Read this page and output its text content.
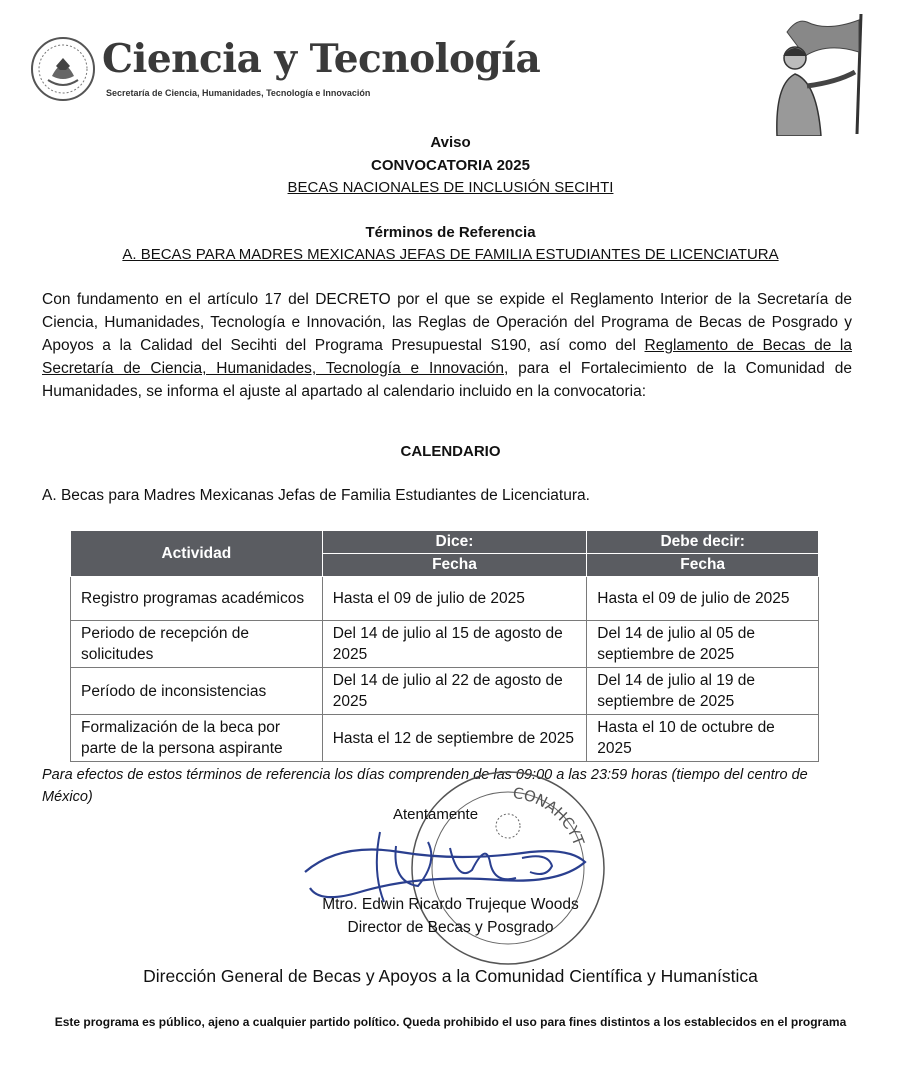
Ciencia y Tecnología
Secretaría de Ciencia, Humanidades, Tecnología e Innovación
Aviso
CONVOCATORIA 2025
BECAS NACIONALES DE INCLUSIÓN SECIHTI
Términos de Referencia
A. BECAS PARA MADRES MEXICANAS JEFAS DE FAMILIA ESTUDIANTES DE LICENCIATURA
Con fundamento en el artículo 17 del DECRETO por el que se expide el Reglamento Interior de la Secretaría de Ciencia, Humanidades, Tecnología e Innovación, las Reglas de Operación del Programa de Becas de Posgrado y Apoyos a la Calidad del Secihti del Programa Presupuestal S190, así como del Reglamento de Becas de la Secretaría de Ciencia, Humanidades, Tecnología e Innovación, para el Fortalecimiento de la Comunidad de Humanidades, se informa el ajuste al apartado al calendario incluido en la convocatoria:
CALENDARIO
A. Becas para Madres Mexicanas Jefas de Familia Estudiantes de Licenciatura.
Actividad	Dice:	Debe decir:
	Fecha	Fecha
Registro programas académicos	Hasta el 09 de julio de 2025	Hasta el 09 de julio de 2025
Periodo de recepción de solicitudes	Del 14 de julio al 15 de agosto de 2025	Del 14 de julio al 05 de septiembre de 2025
Período de inconsistencias	Del 14 de julio al 22 de agosto de 2025	Del 14 de julio al 19 de septiembre de 2025
Formalización de la beca por parte de la persona aspirante	Hasta el 12 de septiembre de 2025	Hasta el 10 de octubre de 2025
Para efectos de estos términos de referencia los días comprenden de las 09:00 a las 23:59 horas (tiempo del centro de México)	CONAHCYT
Atentamente
Mtro. Edwin Ricardo Trujeque Woods
Director de Becas y Posgrado
Dirección General de Becas y Apoyos a la Comunidad Científica y Humanística
Este programa es público, ajeno a cualquier partido político. Queda prohibido el uso para fines distintos a los establecidos en el programa
